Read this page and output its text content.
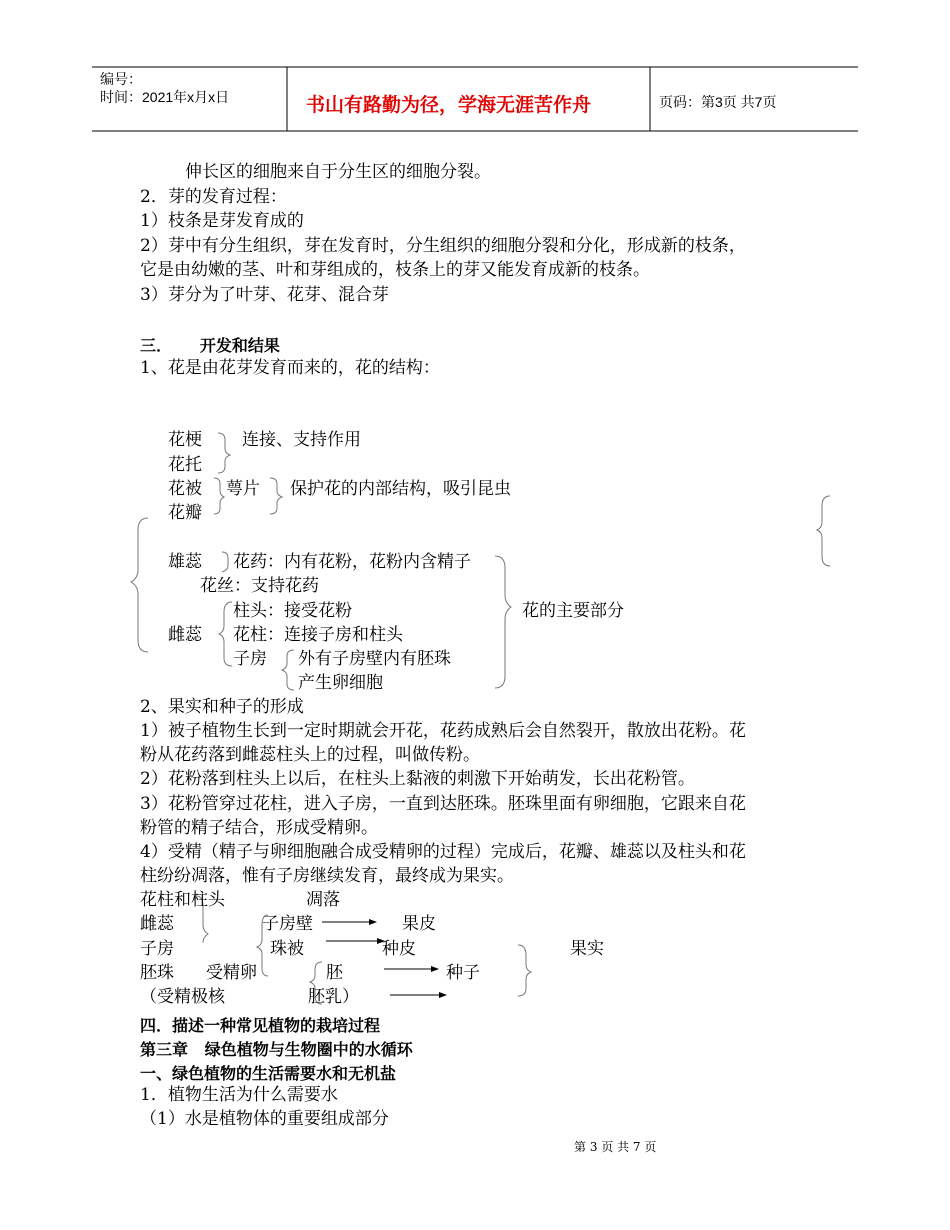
编号：
时间：2021年x月x日	书山有路勤为径，学海无涯苦作舟	页码：第3页 共7页
伸长区的细胞来自于分生区的细胞分裂。
2．芽的发育过程：
1）枝条是芽发育成的
2）芽中有分生组织，芽在发育时，分生组织的细胞分裂和分化，形成新的枝条，
它是由幼嫩的茎、叶和芽组成的，枝条上的芽又能发育成新的枝条。
3）芽分为了叶芽、花芽、混合芽
三．     开发和结果
1、花是由花芽发育而来的，花的结构：
花梗
花托
花被
花瓣
连接、支持作用
萼片 保护花的内部结构，吸引昆虫
雄蕊 花药：内有花粉，花粉内含精子
花丝：支持花药
雌蕊
柱头：接受花粉
花柱：连接子房和柱头
子房 外有子房壁内有胚珠
产生卵细胞
花的主要部分
2、果实和种子的形成
1）被子植物生长到一定时期就会开花，花药成熟后会自然裂开，散放出花粉。花
粉从花药落到雌蕊柱头上的过程，叫做传粉。
2）花粉落到柱头上以后，在柱头上黏液的刺激下开始萌发，长出花粉管。
3）花粉管穿过花柱，进入子房，一直到达胚珠。胚珠里面有卵细胞，它跟来自花
粉管的精子结合，形成受精卵。
4）受精（精子与卵细胞融合成受精卵的过程）完成后，花瓣、雄蕊以及柱头和花
柱纷纷凋落，惟有子房继续发育，最终成为果实。
花柱和柱头	凋落
雌蕊	子房壁	果皮
子房	珠被	种皮	果实
胚珠 受精卵	胚	种子
（受精极核	胚乳）
四．描述一种常见植物的栽培过程
第三章   绿色植物与生物圈中的水循环
一、绿色植物的生活需要水和无机盐
1．植物生活为什么需要水
（1）水是植物体的重要组成部分
第 3 页 共 7 页
